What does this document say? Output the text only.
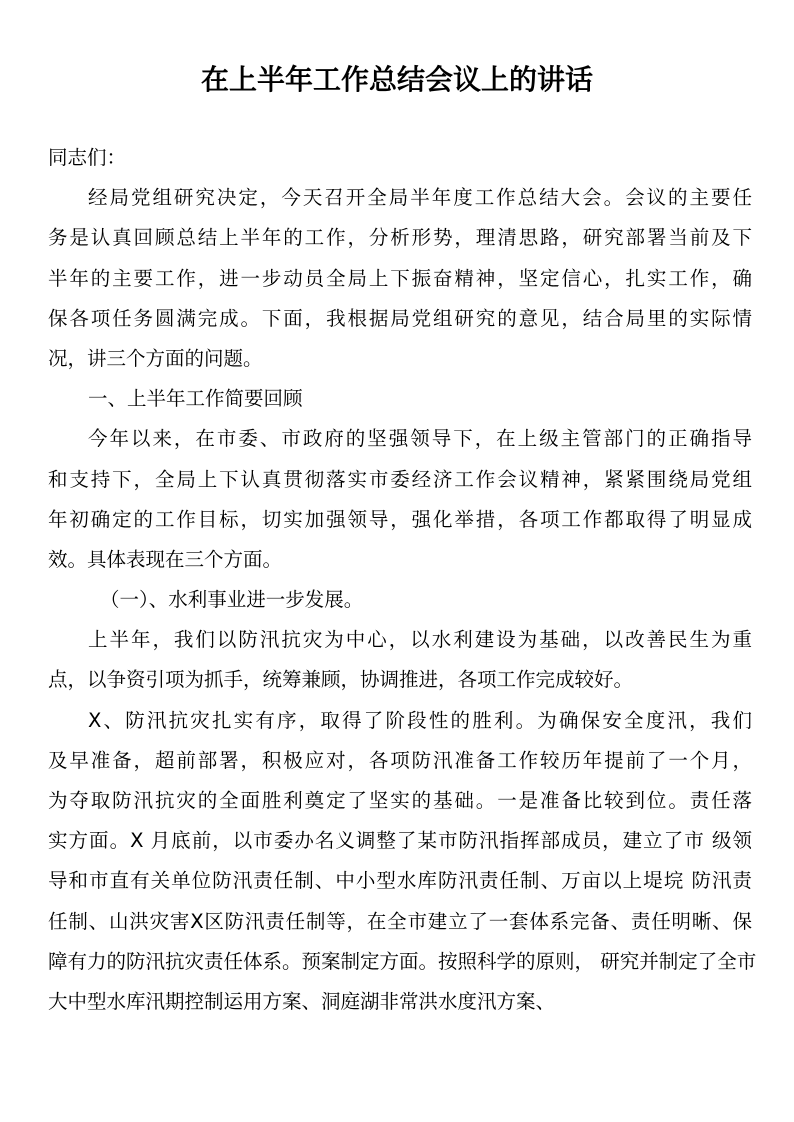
在上半年工作总结会议上的讲话
同志们：
经局党组研究决定，今天召开全局半年度工作总结大会。会议的主要任
务是认真回顾总结上半年的工作，分析形势，理清思路，研究部署当前及下
半年的主要工作，进一步动员全局上下振奋精神，坚定信心，扎实工作，确
保各项任务圆满完成。下面，我根据局党组研究的意见，结合局里的实际情
况，讲三个方面的问题。
一、上半年工作简要回顾
今年以来，在市委、市政府的坚强领导下，在上级主管部门的正确指导
和支持下，全局上下认真贯彻落实市委经济工作会议精神，紧紧围绕局党组
年初确定的工作目标，切实加强领导，强化举措，各项工作都取得了明显成
效。具体表现在三个方面。
（一）、水利事业进一步发展。
上半年，我们以防汛抗灾为中心，以水利建设为基础，以改善民生为重
点，以争资引项为抓手，统筹兼顾，协调推进，各项工作完成较好。
X、防汛抗灾扎实有序，取得了阶段性的胜利。为确保安全度汛，我们
及早准备，超前部署，积极应对，各项防汛准备工作较历年提前了一个月，
为夺取防汛抗灾的全面胜利奠定了坚实的基础。一是准备比较到位。责任落
实方面。X 月底前，以市委办名义调整了某市防汛指挥部成员，建立了市 级领
导和市直有关单位防汛责任制、中小型水库防汛责任制、万亩以上堤垸 防汛责
任制、山洪灾害X区防汛责任制等，在全市建立了一套体系完备、责任明晰、保
障有力的防汛抗灾责任体系。预案制定方面。按照科学的原则， 研究并制定了全市
大中型水库汛期控制运用方案、洞庭湖非常洪水度汛方案、
